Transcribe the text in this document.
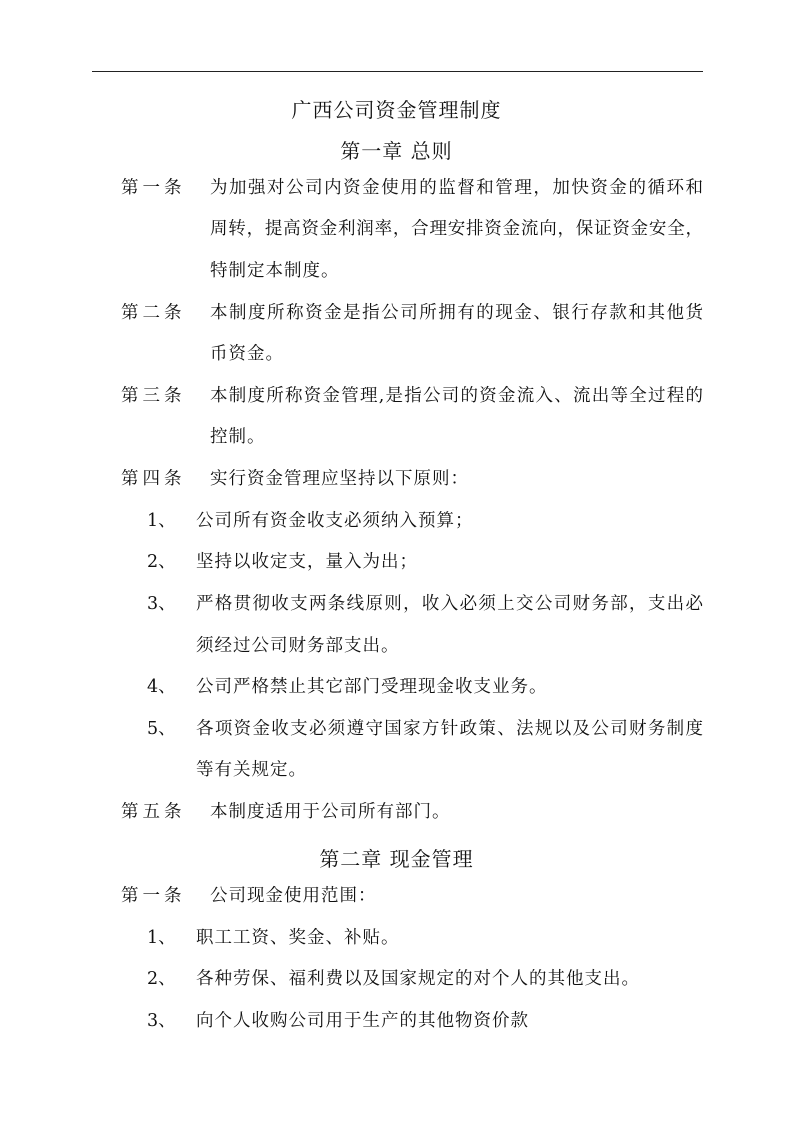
广西公司资金管理制度
第一章 总则
第一条 为加强对公司内资金使用的监督和管理，加快资金的循环和
周转，提高资金利润率，合理安排资金流向，保证资金安全，
特制定本制度。
第二条 本制度所称资金是指公司所拥有的现金、银行存款和其他货
币资金。
第三条 本制度所称资金管理,是指公司的资金流入、流出等全过程的
控制。
第四条 实行资金管理应坚持以下原则：
1、 公司所有资金收支必须纳入预算；
2、 坚持以收定支，量入为出；
3、 严格贯彻收支两条线原则，收入必须上交公司财务部，支出必
须经过公司财务部支出。
4、 公司严格禁止其它部门受理现金收支业务。
5、 各项资金收支必须遵守国家方针政策、法规以及公司财务制度
等有关规定。
第五条 本制度适用于公司所有部门。
第二章 现金管理
第一条 公司现金使用范围：
1、 职工工资、奖金、补贴。
2、 各种劳保、福利费以及国家规定的对个人的其他支出。
3、 向个人收购公司用于生产的其他物资价款
